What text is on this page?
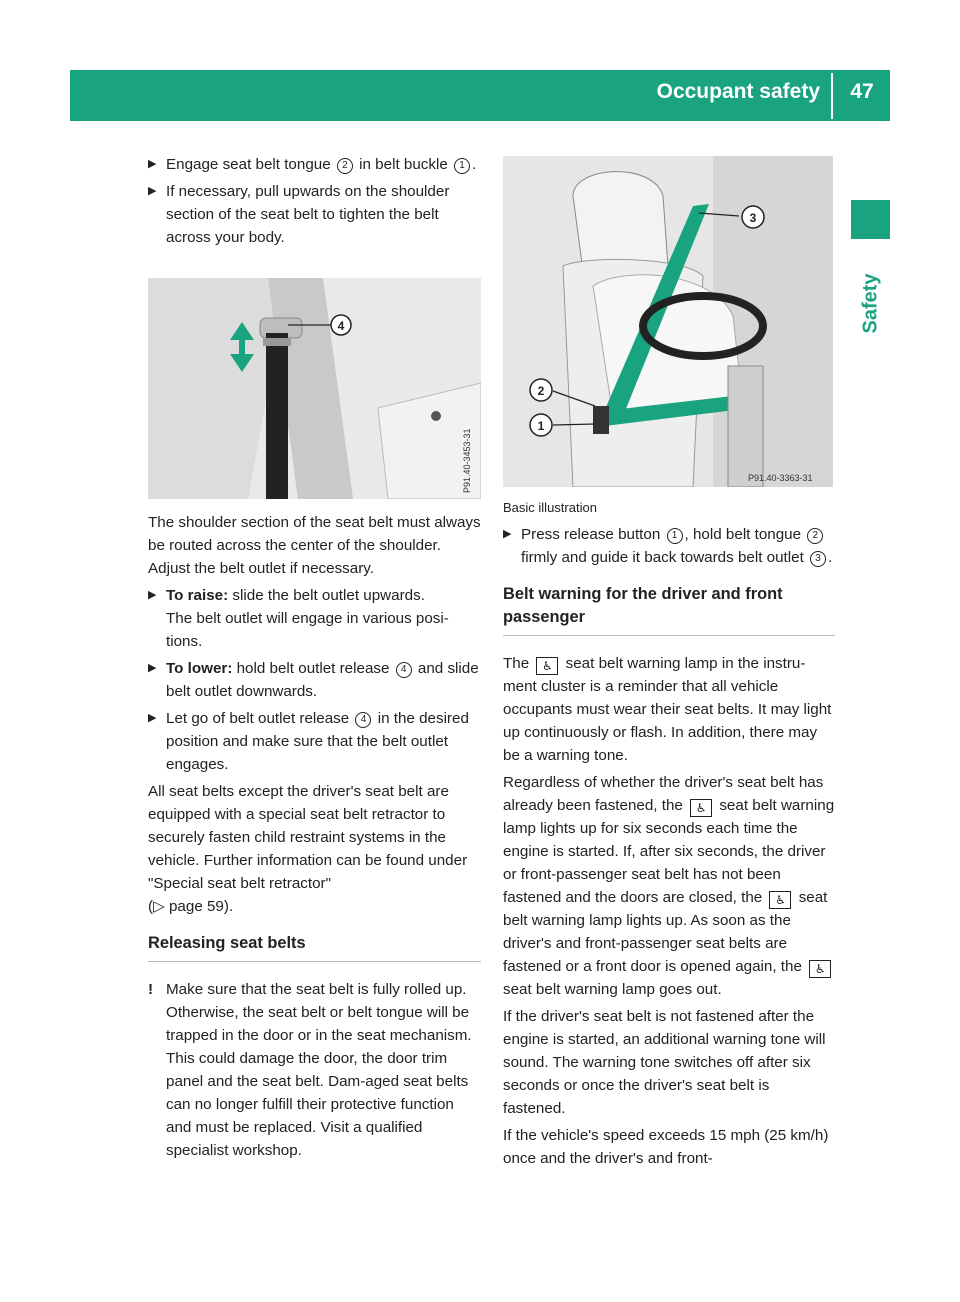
Occupant safety	47
Safety
▶ Engage seat belt tongue 2 in belt buckle 1 .
▶ If necessary, pull upwards on the shoulder section of the seat belt to tighten the belt across your body.
4
P91.40-3453-31

The shoulder section of the seat belt must always be routed across the center of the shoulder. Adjust the belt outlet if necessary.

▶ To raise: slide the belt outlet upwards.
The belt outlet will engage in various posi-tions.
▶ To lower: hold belt outlet release 4 and slide belt outlet downwards.
▶ Let go of belt outlet release 4 in the desired position and make sure that the belt outlet engages.

All seat belts except the driver's seat belt are equipped with a special seat belt retractor to securely fasten child restraint systems in the vehicle. Further information can be found under "Special seat belt retractor"
(▷ page 59).

Releasing seat belts
! Make sure that the seat belt is fully rolled up. Otherwise, the seat belt or belt tongue will be trapped in the door or in the seat mechanism. This could damage the door, the door trim panel and the seat belt. Dam-aged seat belts can no longer fulfill their protective function and must be replaced. Visit a qualified specialist workshop.
3
2
1
P91.40-3363-31
Basic illustration
▶ Press release button 1 , hold belt tongue 2 firmly and guide it back towards belt outlet 3 .
Belt warning for the driver and front passenger

The ♿ seat belt warning lamp in the instru-ment cluster is a reminder that all vehicle occupants must wear their seat belts. It may light up continuously or flash. In addition, there may be a warning tone.

Regardless of whether the driver's seat belt has already been fastened, the ♿ seat belt warning lamp lights up for six seconds each time the engine is started. If, after six seconds, the driver or front-passenger seat belt has not been fastened and the doors are closed, the ♿ seat belt warning lamp lights up. As soon as the driver's and front-passenger seat belts are fastened or a front door is opened again, the ♿ seat belt warning lamp goes out.

If the driver's seat belt is not fastened after the engine is started, an additional warning tone will sound. The warning tone switches off after six seconds or once the driver's seat belt is fastened.

If the vehicle's speed exceeds 15 mph (25 km/h) once and the driver's and front-
